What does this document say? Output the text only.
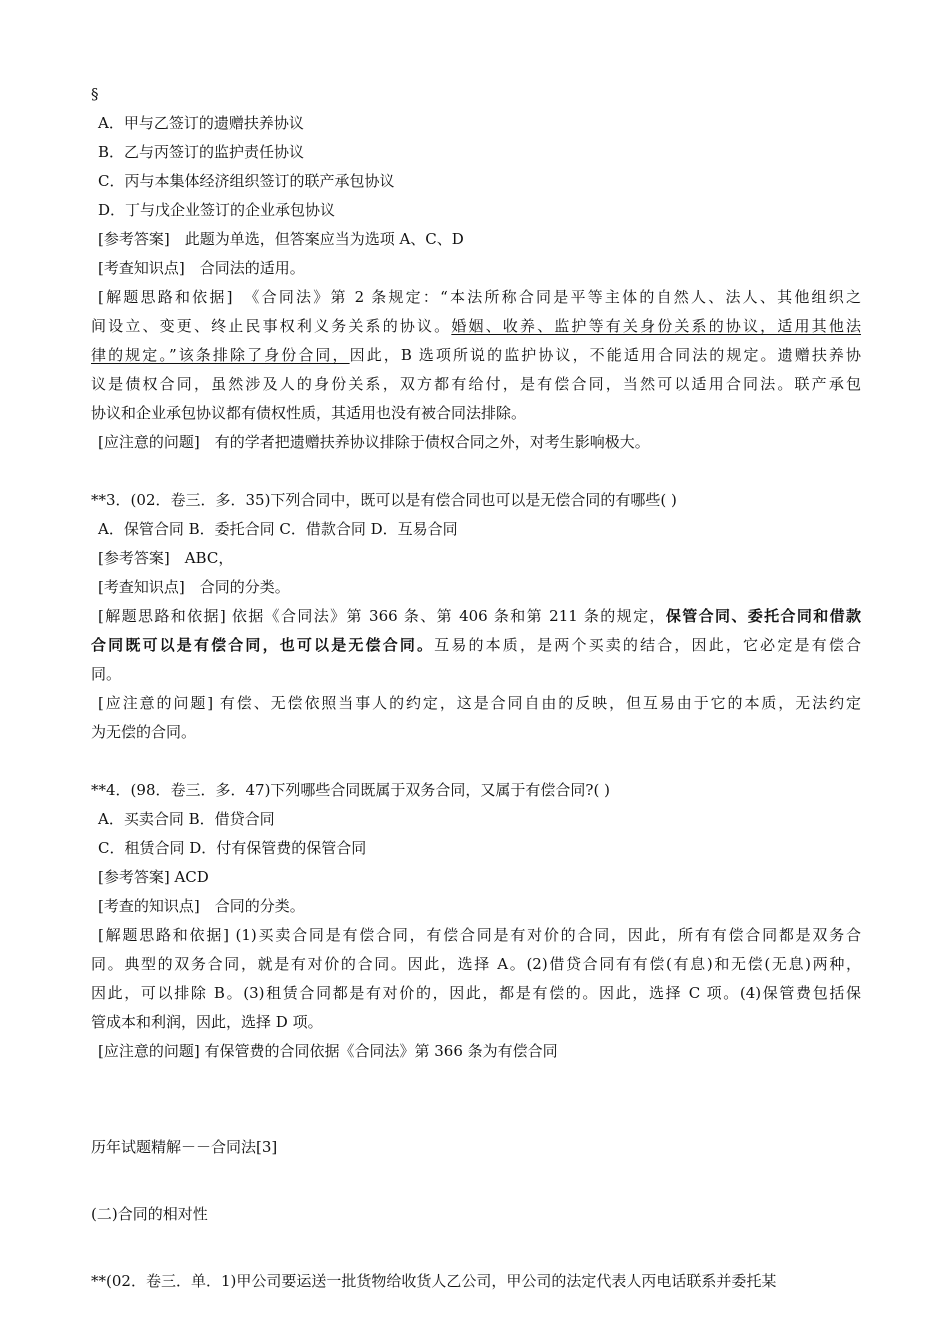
§
A．甲与乙签订的遗赠扶养协议
B．乙与丙签订的监护责任协议
C．丙与本集体经济组织签订的联产承包协议
D．丁与戊企业签订的企业承包协议
[参考答案]　此题为单选，但答案应当为选项 A、C、D
[考查知识点]　合同法的适用。
[解题思路和依据]　《合同法》第 2 条规定：“本法所称合同是平等主体的自然人、法人、其他组织之
间设立、变更、终止民事权利义务关系的协议。婚姻、收养、监护等有关身份关系的协议，适用其他法
律的规定。”该条排除了身份合同，因此，B 选项所说的监护协议，不能适用合同法的规定。遗赠扶养协
议是债权合同，虽然涉及人的身份关系，双方都有给付，是有偿合同，当然可以适用合同法。联产承包
协议和企业承包协议都有债权性质，其适用也没有被合同法排除。
[应注意的问题]　有的学者把遗赠扶养协议排除于债权合同之外，对考生影响极大。
**3．(02．卷三．多．35)下列合同中，既可以是有偿合同也可以是无偿合同的有哪些( )
A．保管合同 B．委托合同 C．借款合同 D．互易合同
[参考答案]　ABC，
[考查知识点]　合同的分类。
[解题思路和依据] 依据《合同法》第 366 条、第 406 条和第 211 条的规定，保管合同、委托合同和借款
合同既可以是有偿合同，也可以是无偿合同。互易的本质，是两个买卖的结合，因此，它必定是有偿合
同。
[应注意的问题] 有偿、无偿依照当事人的约定，这是合同自由的反映，但互易由于它的本质，无法约定
为无偿的合同。
**4．(98．卷三．多．47)下列哪些合同既属于双务合同，又属于有偿合同?( )
A．买卖合同 B．借贷合同
C．租赁合同 D．付有保管费的保管合同
[参考答案] ACD
[考查的知识点]　合同的分类。
[解题思路和依据] (1)买卖合同是有偿合同，有偿合同是有对价的合同，因此，所有有偿合同都是双务合
同。典型的双务合同，就是有对价的合同。因此，选择 A。(2)借贷合同有有偿(有息)和无偿(无息)两种，
因此，可以排除 B。(3)租赁合同都是有对价的，因此，都是有偿的。因此，选择 C 项。(4)保管费包括保
管成本和利润，因此，选择 D 项。
[应注意的问题] 有保管费的合同依据《合同法》第 366 条为有偿合同
历年试题精解－－合同法[3]
(二)合同的相对性
**(02．卷三．单．1)甲公司要运送一批货物给收货人乙公司，甲公司的法定代表人丙电话联系并委托某
